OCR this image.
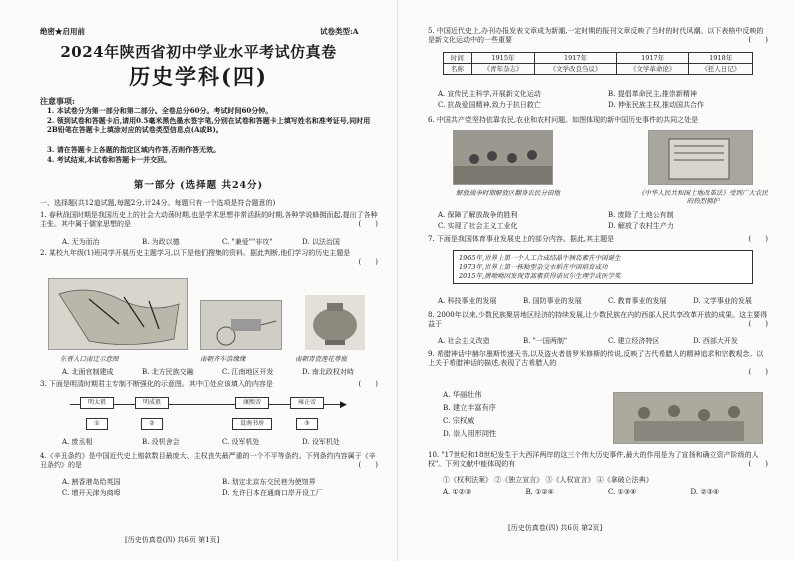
绝密★启用前	试卷类型:A
2024年陕西省初中学业水平考试仿真卷
历史学科(四)
注意事项:
1. 本试卷分为第一部分和第二部分。全卷总分60分。考试时间60分钟。
2. 领到试卷和答题卡后,请用0.5毫米黑色墨水签字笔,分别在试卷和答题卡上填写姓名和准考证号,同时用2B铅笔在答题卡上填涂对应的试卷类型信息点(A或B)。
3. 请在答题卡上各题的指定区域内作答,否则作答无效。
4. 考试结束,本试卷和答题卡一并交回。
第一部分 (选择题 共24分)
一、选择题(共12道试题,每题2分,计24分。每题只有一个选项是符合题意的)
1. 春秋战国时期是我国历史上的社会大动荡时期,也是学术思想非常活跃的时期,各种学说蜂拥而起,提出了各种主张。其中属于儒家思想的是	(　　)
A. 无为而治	B. 为政以德	C. "兼爱""非攻"	D. 以法治国
2. 某校九年级(1)班同学开展历史主题学习,以下是他们搜集的资料。据此判断,他们学习的历史主题是
(　　)
东晋人口南迁示意图	南朝齐车浩缘缘	南朝青瓷莲花尊瓶
A. 北面官制建成	B. 北方民族交融	C. 江南地区开发	D. 南北政权对峙
3. 下面是明清时期君主专制不断强化的示意图。其中①处应该填入的内容是	(　　)
▶
明太祖	明成祖	康熙帝	雍正帝
①	②	设南书房	③
A. 废丞相	B. 设机舍会	C. 设军机处	D. 设军机处
4.《辛丑条约》是中国近代史上赔款数目最庞大、主权丧失最严重的一个不平等条约。下列条约内容属于《辛丑条约》的是	(　　)
A. 割香港岛给英国	B. 划定北京东交民巷为使馆界
C. 增开天津为商埠	D. 允许日本在通商口岸开设工厂
[历史仿真卷(四) 共6页 第1页]
5. 中国近代史上,办刊办报发表文章成为新潮,一定时期的报刊文章反映了当时的时代风潮。以下表格中反映的是新文化运动中的一些重要	(　　)
时间	1915年	1917年	1917年	1918年
名称	《青年杂志》	《文学改良刍议》	《文学革命论》	《狂人日记》
A. 宣传民主科学,开展新文化运动	B. 提倡革命民主,推崇新精神
C. 抗战爱国精神,致力于抗日救亡	D. 伸张民族主权,推动国共合作
6. 中国共产党坚持依靠农民,农业和农村问题。如图体现的新中国历史事件的共同之处是
解放战争时期解放区翻身农民分田地	《中华人民共和国土地改革法》受到广大农民的热烈拥护
A. 保障了解放战争的胜利	B. 废除了土地公有制
C. 实现了社会主义工业化	D. 解放了农村生产力
7. 下面是我国体育事业发展史上的部分内容。据此,其主题是	(　　)
1965年,世界上第一个人工合成结晶牛胰岛素在中国诞生
1973年,世界上第一株籼型杂交水稻在中国培育成功
2015年,屠呦呦因发现青蒿素获得诺贝尔生理学或医学奖
A. 科技事业的发展	B. 国防事业的发展	C. 教育事业的发展	D. 文学事业的发展
8. 2000年以来,少数民族聚居地区经济的持续发展,让少数民族在内的西部人民共享改革开放的成果。这主要得益于	(　　)
A. 社会主义改造	B. "一国两制"	C. 建立经济特区	D. 西部大开发
9. 希腊神话中赫尔墨斯传递天书,以及盗火者普罗米修斯的传说,反映了古代希腊人的精神追求和宗教观念。以上关于希腊神话的描述,表现了古希腊人的
(　　)
A. 华丽壮伟
B. 建立丰富有序
C. 宗权威
D. 崇人用形同性
10. "17世纪和18世纪发生于大西洋两岸的这三个伟大历史事件,最大的作用是为了宣扬和确立资产阶级的人权"。下列文献中能体现的有	(　　)
①《权利法案》 ②《独立宣言》 ③《人权宣言》 ④《拿破仑法典》
A. ①②③	B. ①②④	C. ①③④	D. ②③④
[历史仿真卷(四) 共6页 第2页]
